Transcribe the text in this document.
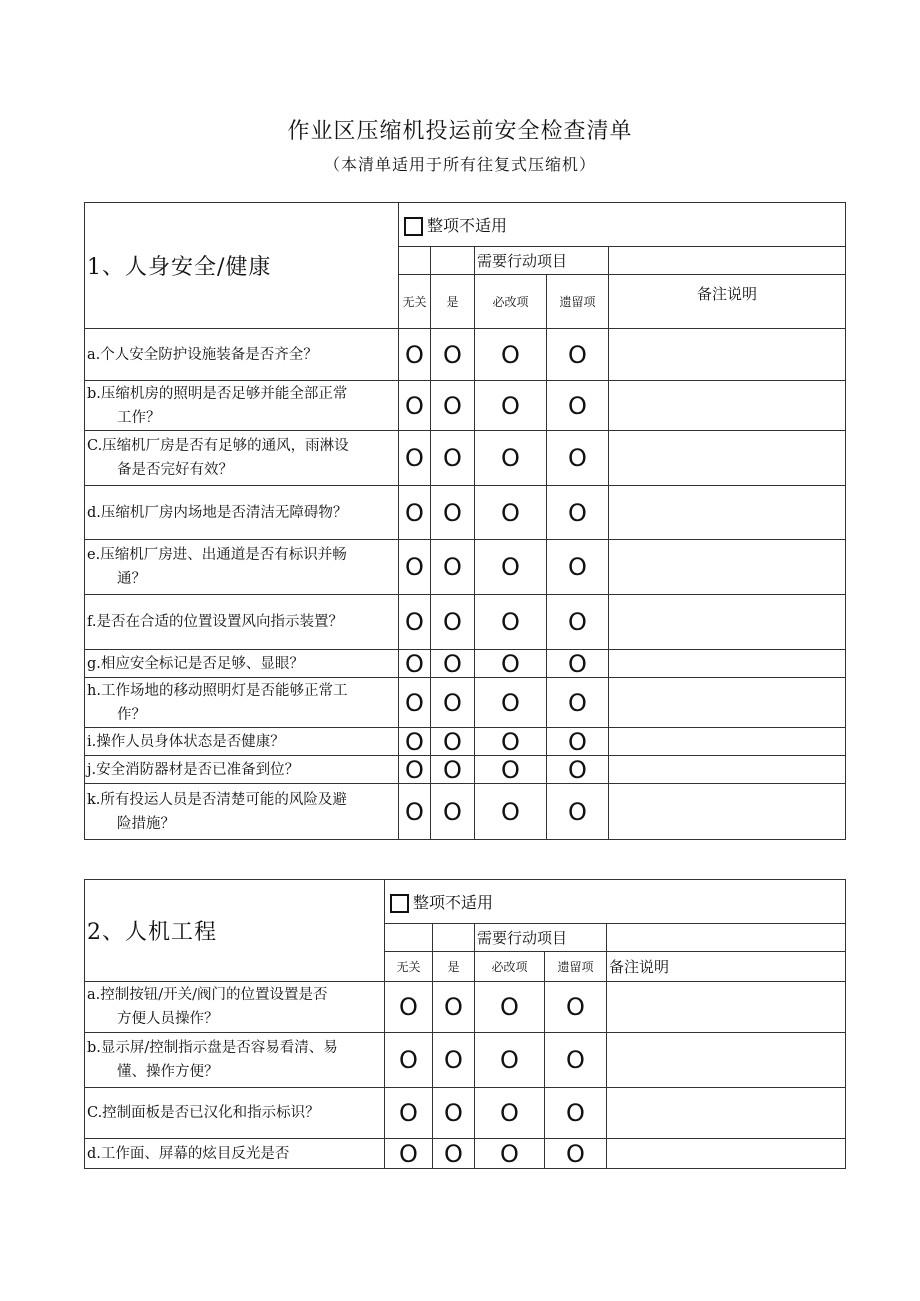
作业区压缩机投运前安全检查清单
（本清单适用于所有往复式压缩机）
1、人身安全/健康	整项不适用				
			需要行动项目		
	无关	是	必改项	遗留项	备注说明
a.个人安全防护设施装备是否齐全？	O	O	O	O	
b.压缩机房的照明是否足够并能全部正常
工作？	O	O	O	O	
C.压缩机厂房是否有足够的通风，雨淋设
备是否完好有效？	O	O	O	O	
d.压缩机厂房内场地是否清洁无障碍物？	O	O	O	O	
e.压缩机厂房进、出通道是否有标识并畅
通？	O	O	O	O	
f.是否在合适的位置设置风向指示装置？	O	O	O	O	
g.相应安全标记是否足够、显眼？	O	O	O	O	
h.工作场地的移动照明灯是否能够正常工
作？	O	O	O	O	
i.操作人员身体状态是否健康？	O	O	O	O	
j.安全消防器材是否已准备到位？	O	O	O	O	
k.所有投运人员是否清楚可能的风险及避
险措施？	O	O	O	O	
2、人机工程	整项不适用				
			需要行动项目		
	无关	是	必改项	遗留项	备注说明
a.控制按钮/开关/阀门的位置设置是否
方便人员操作？	O	O	O	O	
b.显示屏/控制指示盘是否容易看清、易
懂、操作方便？	O	O	O	O	
C.控制面板是否已汉化和指示标识？	O	O	O	O	
d.工作面、屏幕的炫目反光是否	O	O	O	O	
